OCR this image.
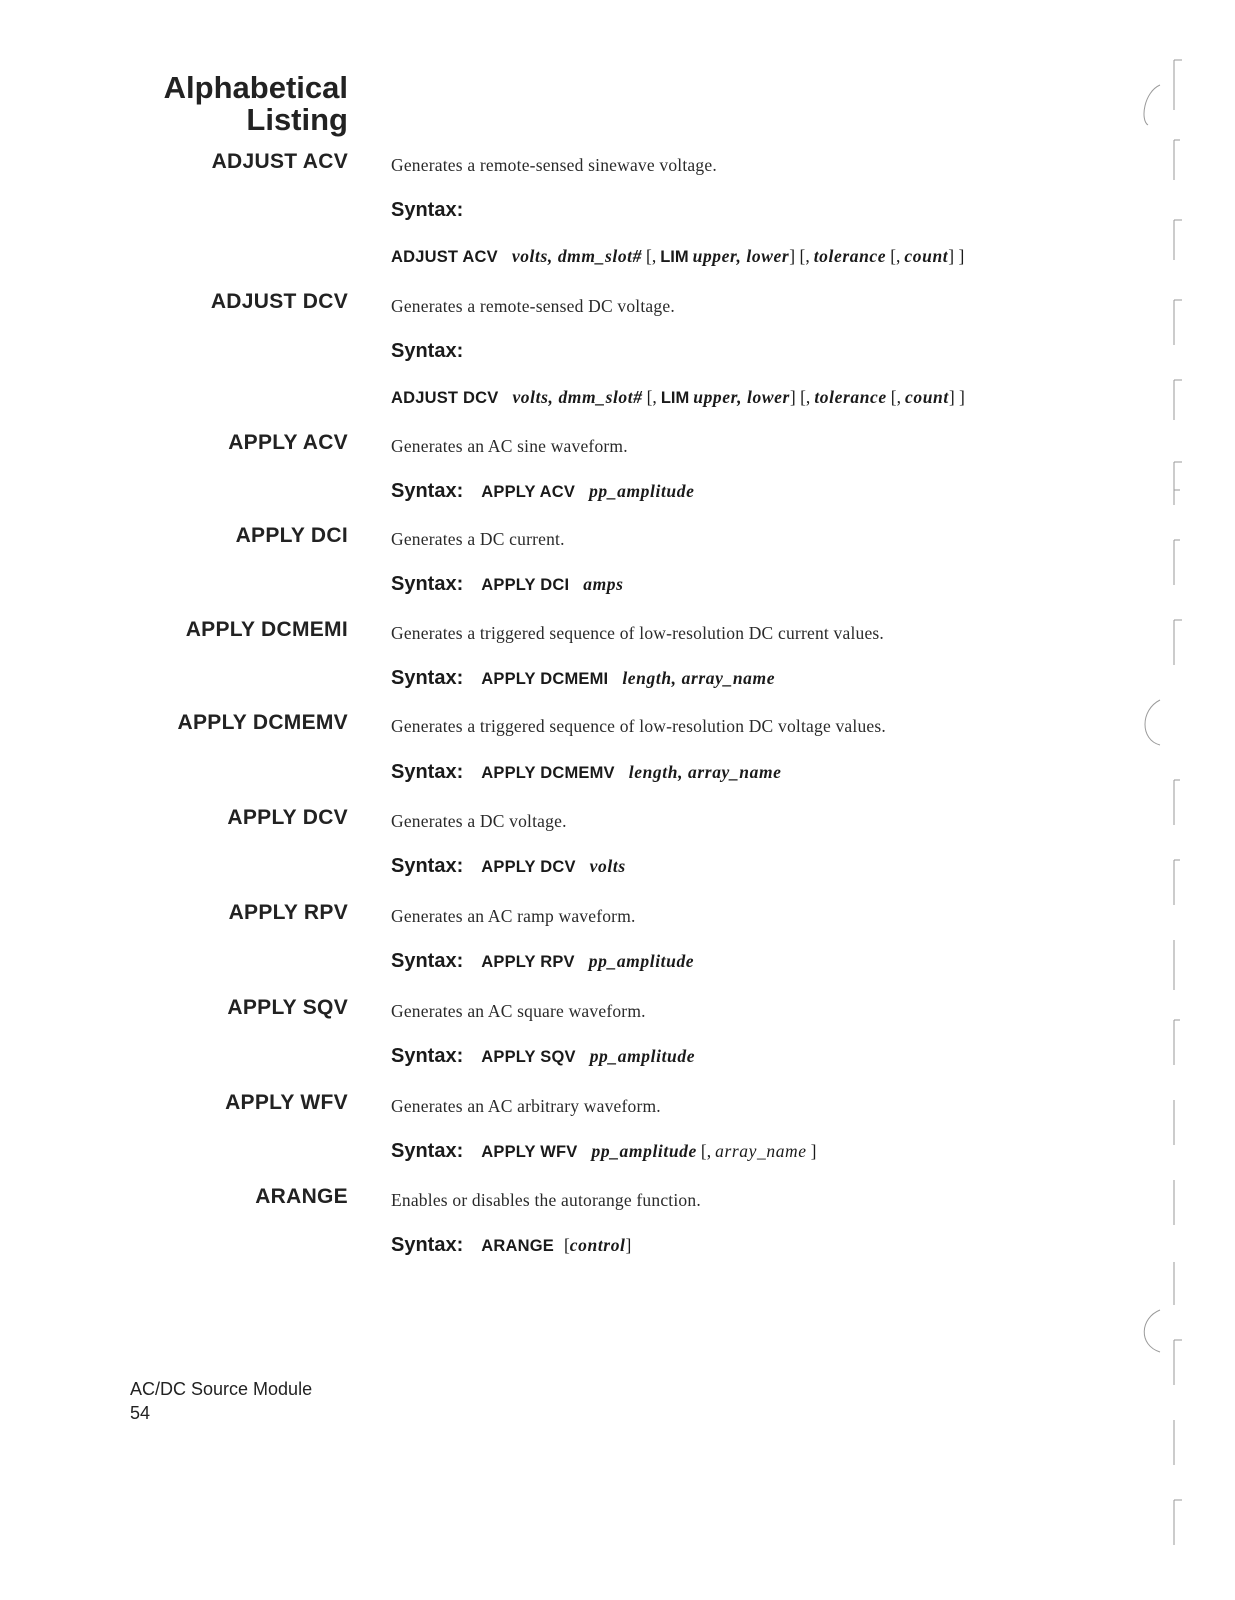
Alphabetical
Listing
ADJUST ACV Generates a remote-sensed sinewave voltage.
Syntax:
ADJUST ACV volts, dmm_slot# [, LIM upper, lower] [, tolerance [, count] ]
ADJUST DCV Generates a remote-sensed DC voltage.
Syntax:
ADJUST DCV volts, dmm_slot# [, LIM upper, lower] [, tolerance [, count] ]
APPLY ACV Generates an AC sine waveform.
Syntax: APPLY ACV pp_amplitude
APPLY DCI Generates a DC current.
Syntax: APPLY DCI amps
APPLY DCMEMI Generates a triggered sequence of low-resolution DC current values.
Syntax: APPLY DCMEMI length, array_name
APPLY DCMEMV Generates a triggered sequence of low-resolution DC voltage values.
Syntax: APPLY DCMEMV length, array_name
APPLY DCV Generates a DC voltage.
Syntax: APPLY DCV volts
APPLY RPV Generates an AC ramp waveform.
Syntax: APPLY RPV pp_amplitude
APPLY SQV Generates an AC square waveform.
Syntax: APPLY SQV pp_amplitude
APPLY WFV Generates an AC arbitrary waveform.
Syntax: APPLY WFV pp_amplitude [, array_name ]
ARANGE Enables or disables the autorange function.
Syntax: ARANGE [control]
AC/DC Source Module
54
